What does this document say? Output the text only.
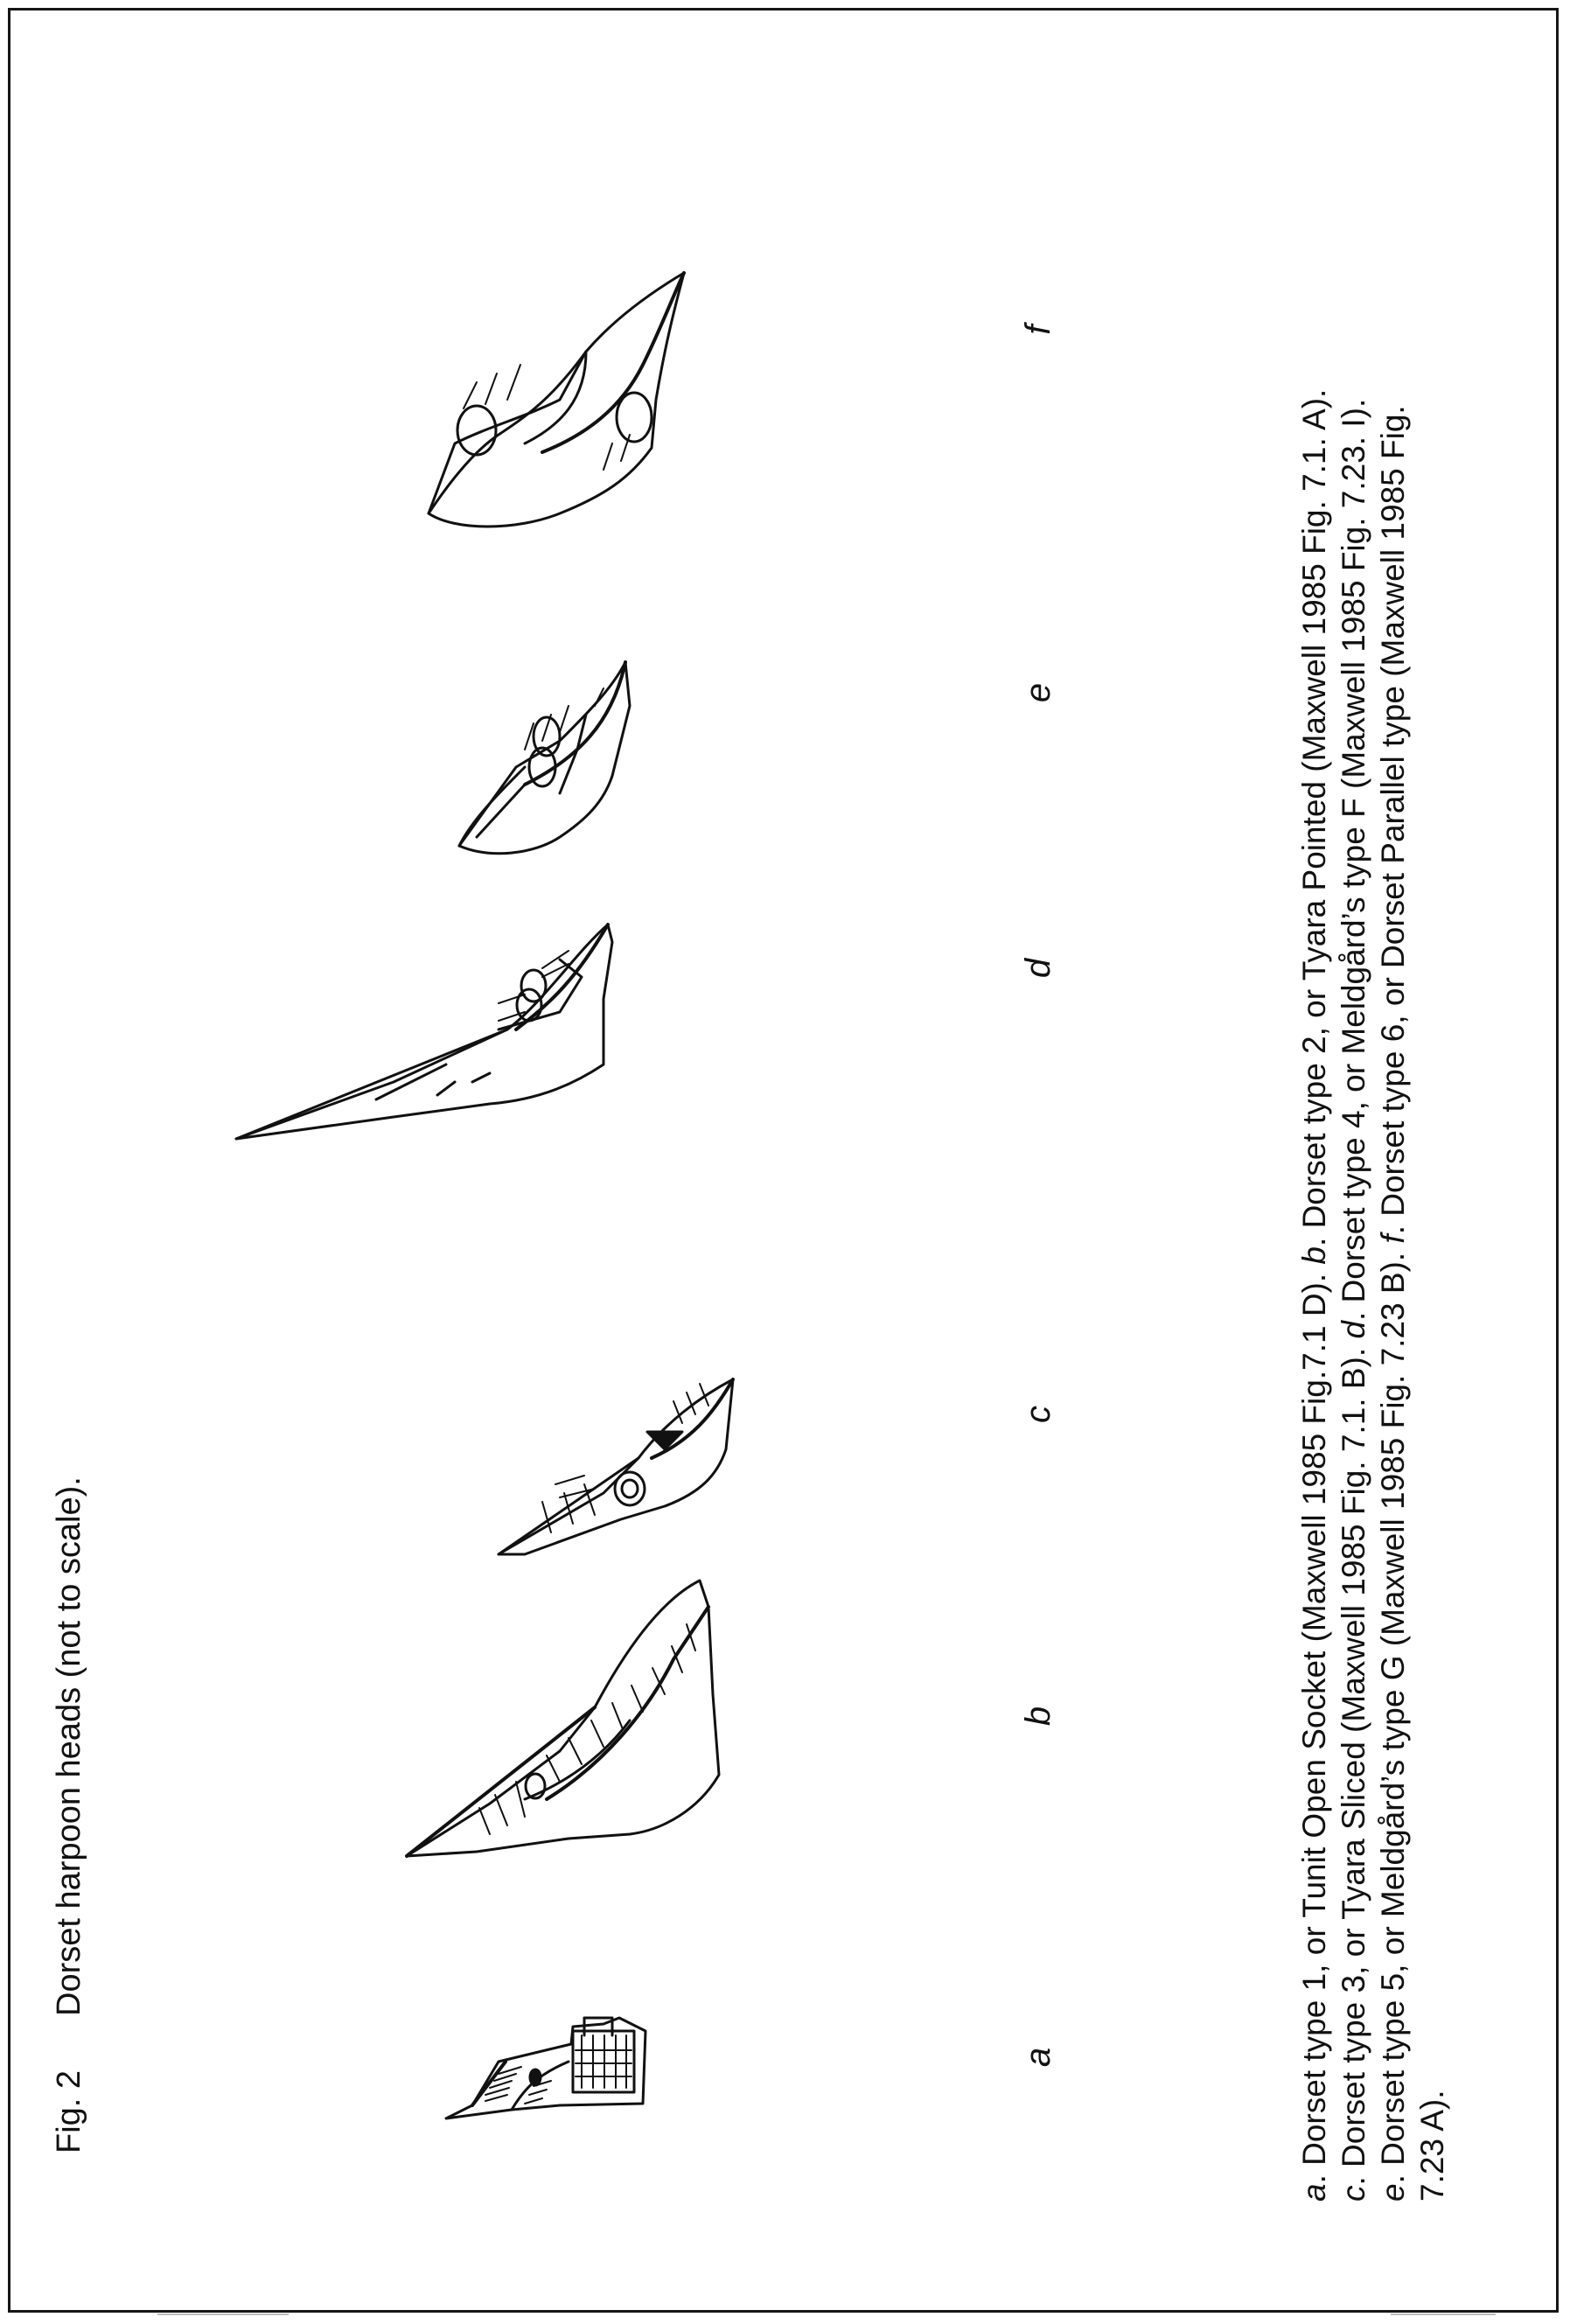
Fig. 2Dorset harpoon heads (not to scale).
a
b
c
d
e
f
a. Dorset type 1, or Tunit Open Socket (Maxwell 1985 Fig.7.1 D). b. Dorset type 2, or Tyara Pointed (Maxwell 1985 Fig. 7.1. A).
c. Dorset type 3, or Tyara Sliced (Maxwell 1985 Fig. 7.1. B). d. Dorset type 4, or Meldgård’s type F (Maxwell 1985 Fig. 7.23. I).
e. Dorset type 5, or Meldgård’s type G (Maxwell 1985 Fig. 7.23 B). f. Dorset type 6, or Dorset Parallel type (Maxwell 1985 Fig.
7.23 A).
